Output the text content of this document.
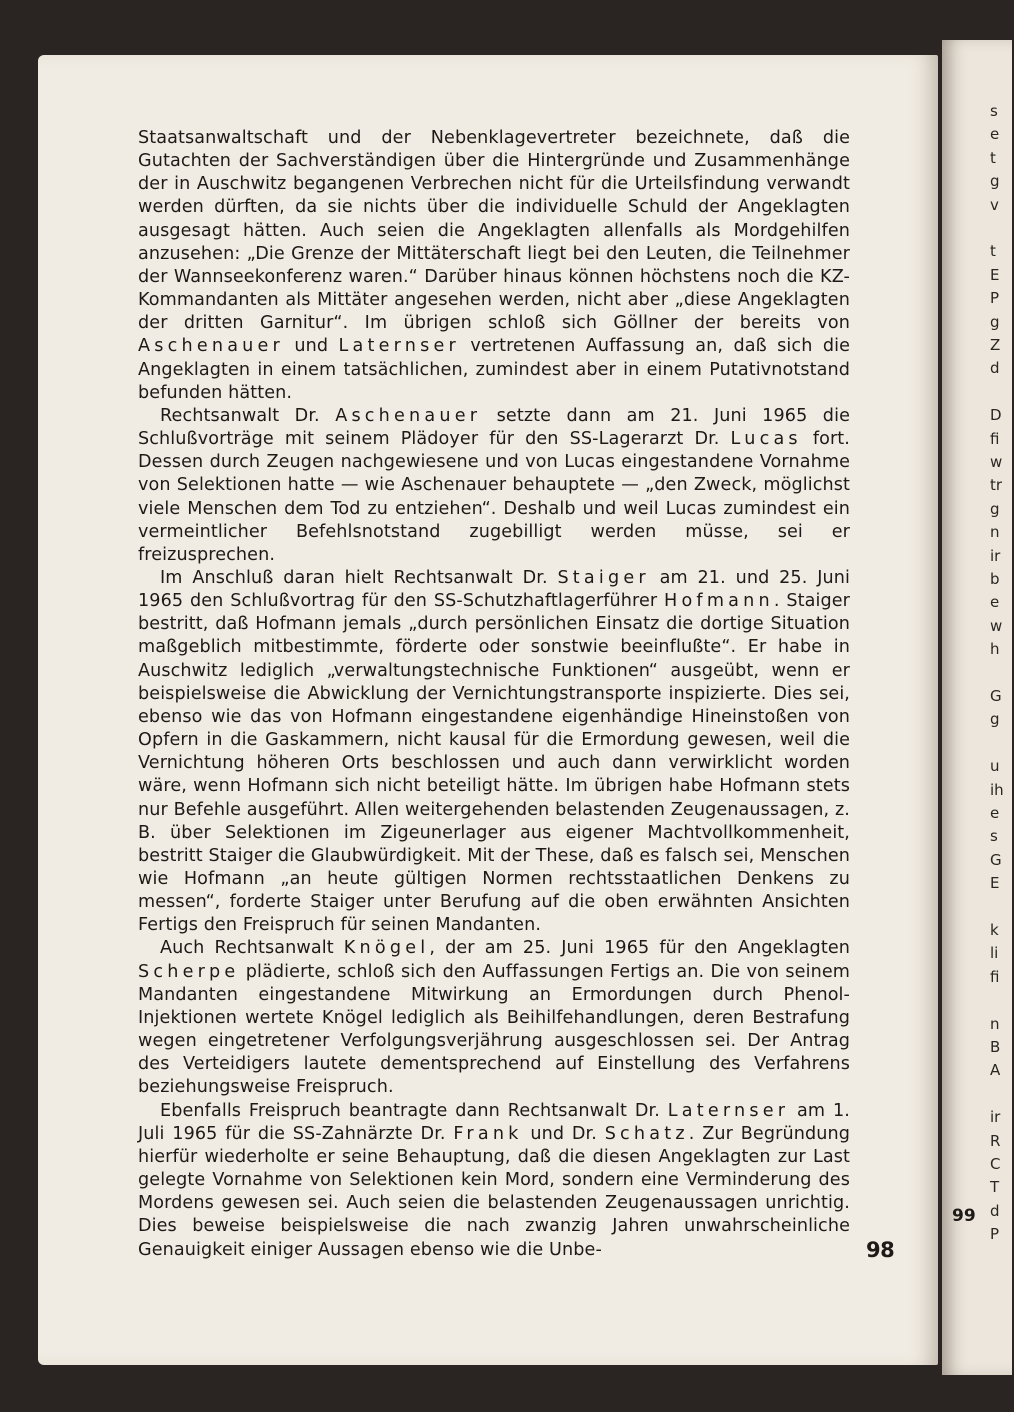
Staatsanwaltschaft und der Nebenklagevertreter bezeichnete, daß die Gutachten der Sachverständigen über die Hintergründe und Zusammenhänge der in Auschwitz begangenen Verbrechen nicht für die Urteilsfindung verwandt werden dürften, da sie nichts über die individuelle Schuld der Angeklagten ausgesagt hätten. Auch seien die Angeklagten allenfalls als Mordgehilfen anzusehen: „Die Grenze der Mittäterschaft liegt bei den Leuten, die Teilnehmer der Wannseekonferenz waren.“ Darüber hinaus können höchstens noch die KZ-Kommandanten als Mittäter angesehen werden, nicht aber „diese Angeklagten der dritten Garnitur“. Im übrigen schloß sich Göllner der bereits von Aschenauer und Laternser vertretenen Auffassung an, daß sich die Angeklagten in einem tatsächlichen, zumindest aber in einem Putativnotstand befunden hätten.

Rechtsanwalt Dr. Aschenauer setzte dann am 21. Juni 1965 die Schlußvorträge mit seinem Plädoyer für den SS-Lagerarzt Dr. Lucas fort. Dessen durch Zeugen nachgewiesene und von Lucas eingestandene Vornahme von Selektionen hatte — wie Aschenauer behauptete — „den Zweck, möglichst viele Menschen dem Tod zu entziehen“. Deshalb und weil Lucas zumindest ein vermeintlicher Befehlsnotstand zugebilligt werden müsse, sei er freizusprechen.

Im Anschluß daran hielt Rechtsanwalt Dr. Staiger am 21. und 25. Juni 1965 den Schlußvortrag für den SS-Schutzhaftlagerführer Hofmann. Staiger bestritt, daß Hofmann jemals „durch persönlichen Einsatz die dortige Situation maßgeblich mitbestimmte, förderte oder sonstwie beeinflußte“. Er habe in Auschwitz lediglich „verwaltungstechnische Funktionen“ ausgeübt, wenn er beispielsweise die Abwicklung der Vernichtungstransporte inspizierte. Dies sei, ebenso wie das von Hofmann eingestandene eigenhändige Hineinstoßen von Opfern in die Gaskammern, nicht kausal für die Ermordung gewesen, weil die Vernichtung höheren Orts beschlossen und auch dann verwirklicht worden wäre, wenn Hofmann sich nicht beteiligt hätte. Im übrigen habe Hofmann stets nur Befehle ausgeführt. Allen weitergehenden belastenden Zeugenaussagen, z. B. über Selektionen im Zigeunerlager aus eigener Machtvollkommenheit, bestritt Staiger die Glaubwürdigkeit. Mit der These, daß es falsch sei, Menschen wie Hofmann „an heute gültigen Normen rechtsstaatlichen Denkens zu messen“, forderte Staiger unter Berufung auf die oben erwähnten Ansichten Fertigs den Freispruch für seinen Mandanten.

Auch Rechtsanwalt Knögel, der am 25. Juni 1965 für den Angeklagten Scherpe plädierte, schloß sich den Auffassungen Fertigs an. Die von seinem Mandanten eingestandene Mitwirkung an Ermordungen durch Phenol-Injektionen wertete Knögel lediglich als Beihilfehandlungen, deren Bestrafung wegen eingetretener Verfolgungsverjährung ausgeschlossen sei. Der Antrag des Verteidigers lautete dementsprechend auf Einstellung des Verfahrens beziehungsweise Freispruch.

Ebenfalls Freispruch beantragte dann Rechtsanwalt Dr. Laternser am 1. Juli 1965 für die SS-Zahnärzte Dr. Frank und Dr. Schatz. Zur Begründung hierfür wiederholte er seine Behauptung, daß die diesen Angeklagten zur Last gelegte Vornahme von Selektionen kein Mord, sondern eine Verminderung des Mordens gewesen sei. Auch seien die belastenden Zeugenaussagen unrichtig. Dies beweise beispielsweise die nach zwanzig Jahren unwahrscheinliche Genauigkeit einiger Aussagen ebenso wie die Unbe-	98
s
e
t
g
v
t
E
P
g
Z
d
D
fi
w
tr
g
n
ir
b
e
w
h
G
g
u
ih
e
s
G
E
k
li
fi
n
B
A
ir
R
C
T
d
P
99
